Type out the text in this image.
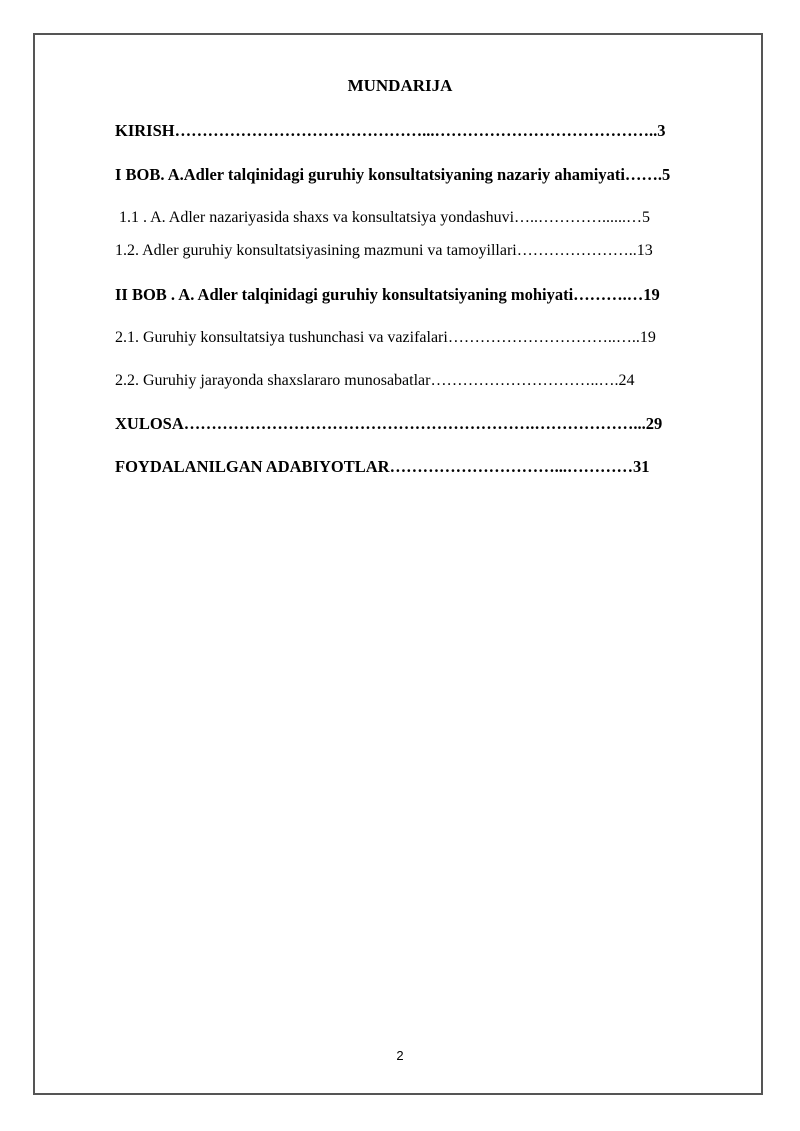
MUNDARIJA
KIRISH………………………………………...…………………………………..3
I BOB. A.Adler talqinidagi guruhiy konsultatsiyaning nazariy ahamiyati…….5
1.1 . A. Adler nazariyasida shaxs va konsultatsiya yondashuvi…..…………......…5
1.2. Adler guruhiy konsultatsiyasining mazmuni va tamoyillari…………………..13
II BOB . A. Adler talqinidagi guruhiy konsultatsiyaning mohiyati……….…19
2.1. Guruhiy konsultatsiya tushunchasi va vazifalari…………………………..…..19
2.2. Guruhiy jarayonda shaxslararo munosabatlar…………………………..….24
XULOSA……………………………………………………….………………...29
FOYDALANILGAN ADABIYOTLAR…………………………...…………31
2
